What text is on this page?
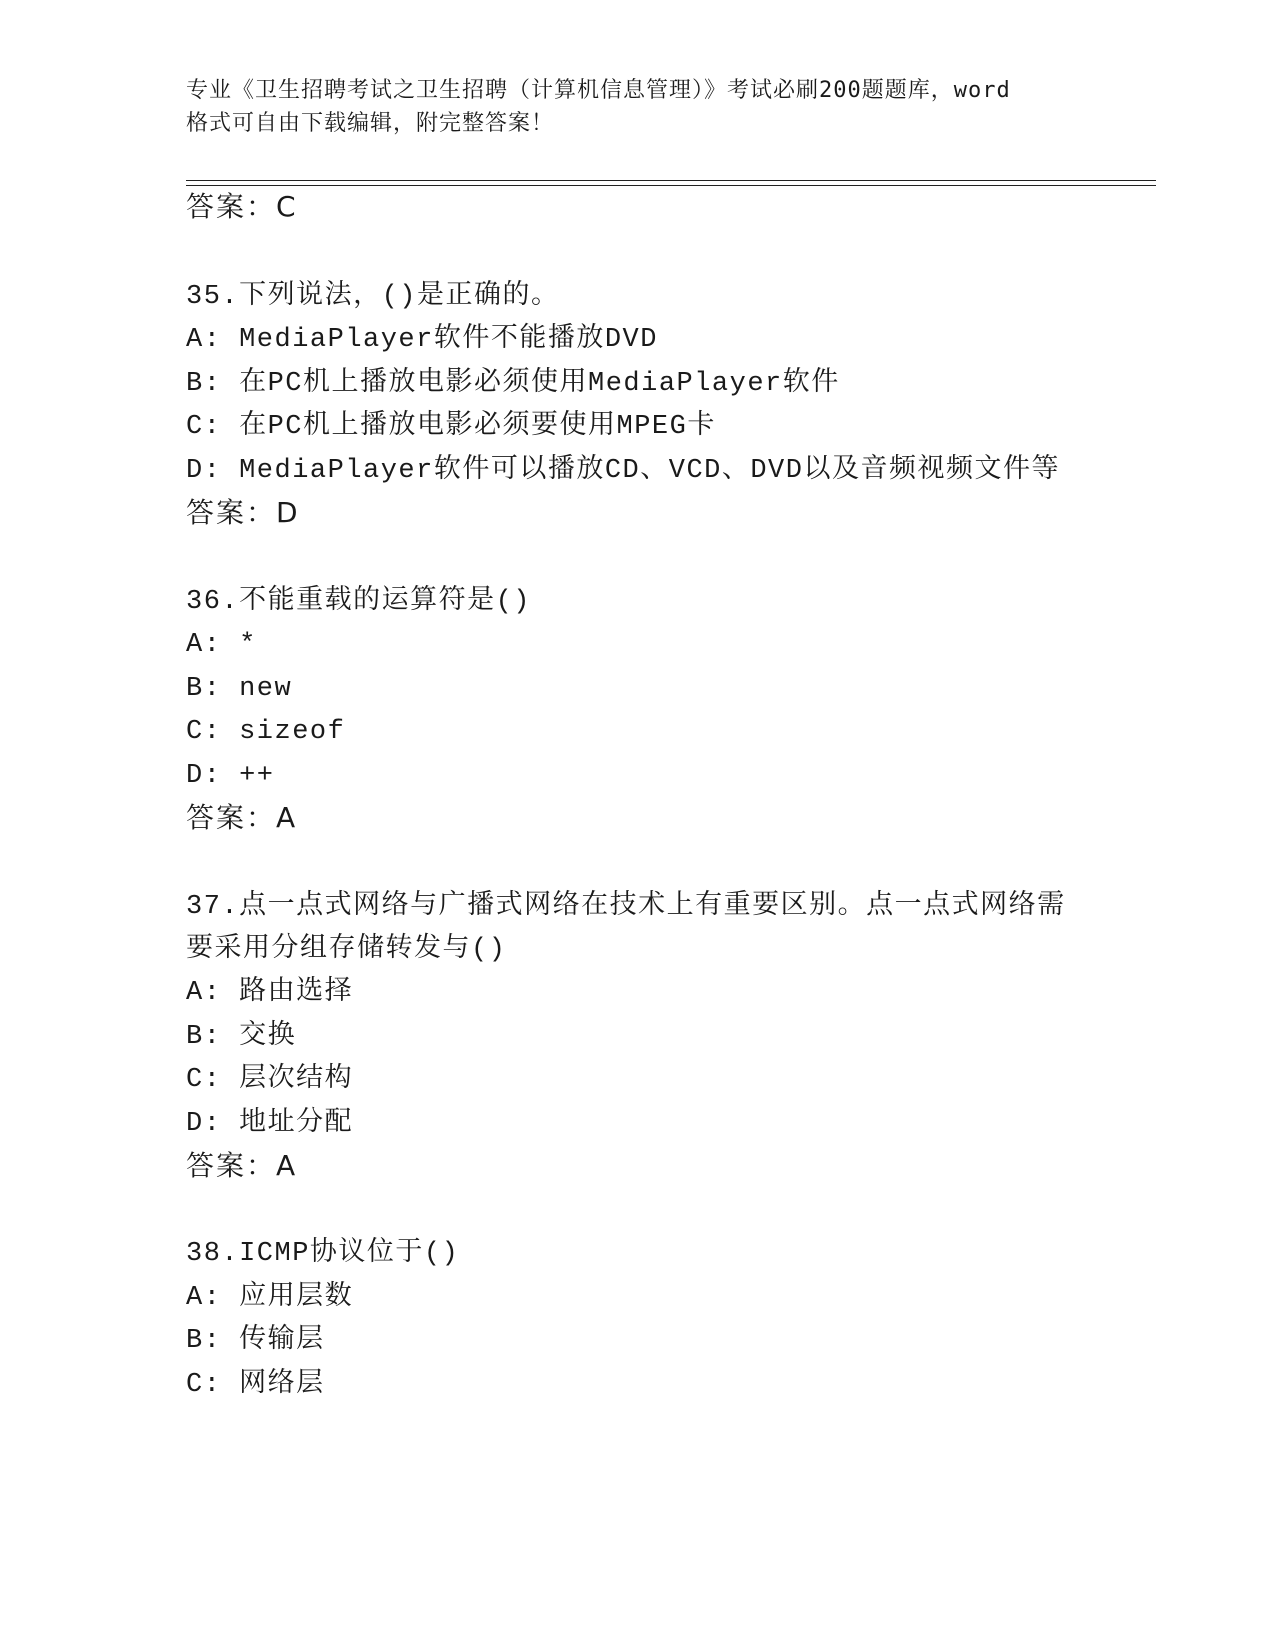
专业《卫生招聘考试之卫生招聘（计算机信息管理）》考试必刷200题题库，word
格式可自由下载编辑，附完整答案！
答案：C
35.下列说法，()是正确的。
A: MediaPlayer软件不能播放DVD
B: 在PC机上播放电影必须使用MediaPlayer软件
C: 在PC机上播放电影必须要使用MPEG卡
D: MediaPlayer软件可以播放CD、VCD、DVD以及音频视频文件等
答案：D
36.不能重载的运算符是()
A: *
B: new
C: sizeof
D: ++
答案：A
37.点一点式网络与广播式网络在技术上有重要区别。点一点式网络需
要采用分组存储转发与()
A: 路由选择
B: 交换
C: 层次结构
D: 地址分配
答案：A
38.ICMP协议位于()
A: 应用层数
B: 传输层
C: 网络层
